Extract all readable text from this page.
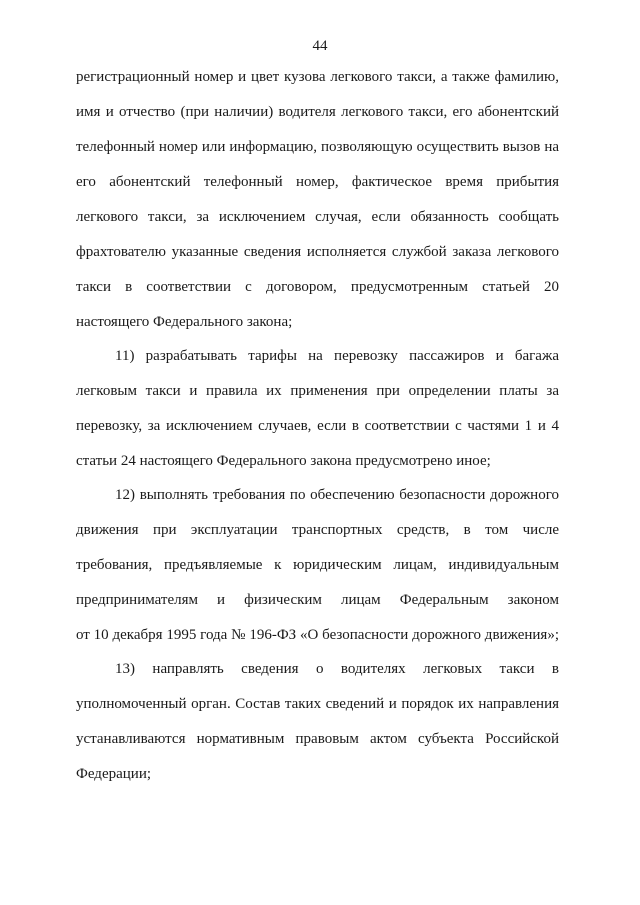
44
регистрационный номер и цвет кузова легкового такси, а также фамилию,
имя и отчество (при наличии) водителя легкового такси, его абонентский
телефонный номер или информацию, позволяющую осуществить вызов на
его абонентский телефонный номер, фактическое время прибытия
легкового такси, за исключением случая, если обязанность сообщать
фрахтователю указанные сведения исполняется службой заказа легкового
такси в соответствии с договором, предусмотренным статьей 20
настоящего Федерального закона;
11) разрабатывать тарифы на перевозку пассажиров и багажа
легковым такси и правила их применения при определении платы за
перевозку, за исключением случаев, если в соответствии с частями 1 и 4
статьи 24 настоящего Федерального закона предусмотрено иное;
12) выполнять требования по обеспечению безопасности дорожного
движения при эксплуатации транспортных средств, в том числе
требования, предъявляемые к юридическим лицам, индивидуальным
предпринимателям и физическим лицам Федеральным законом
от 10 декабря 1995 года № 196-ФЗ «О безопасности дорожного движения»;
13) направлять сведения о водителях легковых такси в
уполномоченный орган. Состав таких сведений и порядок их направления
устанавливаются нормативным правовым актом субъекта Российской
Федерации;
